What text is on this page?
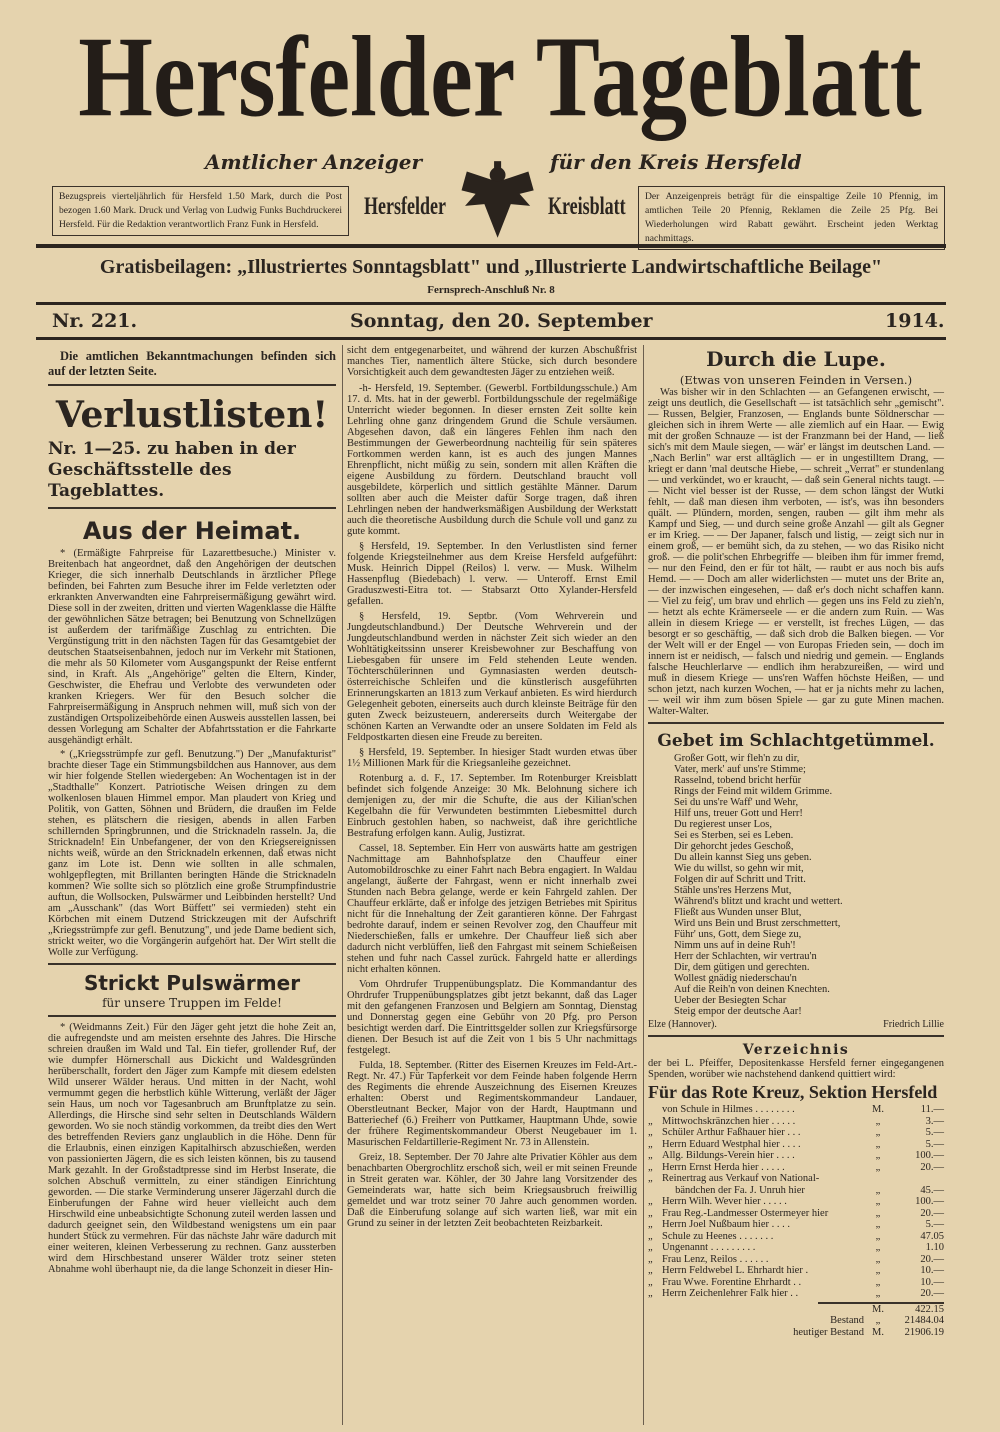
Hersfelder Tageblatt
Amtlicher Anzeiger	für den Kreis Hersfeld
Bezugspreis vierteljährlich für Hersfeld 1.50 Mark, durch die Post bezogen 1.60 Mark. Druck und Verlag von Ludwig Funks Buchdruckerei Hersfeld. Für die Redaktion verantwortlich Franz Funk in Hersfeld.
Der Anzeigenpreis beträgt für die einspaltige Zeile 10 Pfennig, im amtlichen Teile 20 Pfennig, Reklamen die Zeile 25 Pfg. Bei Wiederholungen wird Rabatt gewährt. Erscheint jeden Werktag nachmittags.
Hersfelder	Kreisblatt
Gratisbeilagen: „Illustriertes Sonntagsblatt" und „Illustrierte Landwirtschaftliche Beilage"
Fernsprech-Anschluß Nr. 8
Nr. 221.	Sonntag, den 20. September	1914.

Die amtlichen Bekanntmachungen befinden sich auf der letzten Seite.

Verlustlisten!
Nr. 1—25. zu haben in der Geschäftsstelle des Tageblattes.
Aus der Heimat.

* (Ermäßigte Fahrpreise für Lazarettbesuche.) Minister v. Breitenbach hat angeordnet, daß den Angehörigen der deutschen Krieger, die sich innerhalb Deutschlands in ärztlicher Pflege befinden, bei Fahrten zum Besuche ihrer im Felde verletzten oder erkrankten Anverwandten eine Fahrpreisermäßigung gewährt wird. Diese soll in der zweiten, dritten und vierten Wagenklasse die Hälfte der gewöhnlichen Sätze betragen; bei Benutzung von Schnellzügen ist außerdem der tarifmäßige Zuschlag zu entrichten. Die Vergünstigung tritt in den nächsten Tagen für das Gesamtgebiet der deutschen Staatseisenbahnen, jedoch nur im Verkehr mit Stationen, die mehr als 50 Kilometer vom Ausgangspunkt der Reise entfernt sind, in Kraft. Als „Angehörige" gelten die Eltern, Kinder, Geschwister, die Ehefrau und Verlobte des verwundeten oder kranken Kriegers. Wer für den Besuch solcher die Fahrpreisermäßigung in Anspruch nehmen will, muß sich von der zuständigen Ortspolizeibehörde einen Ausweis ausstellen lassen, bei dessen Vorlegung am Schalter der Abfahrtsstation er die Fahrkarte ausgehändigt erhält.

* („Kriegsstrümpfe zur gefl. Benutzung.") Der „Manufakturist" brachte dieser Tage ein Stimmungsbildchen aus Hannover, aus dem wir hier folgende Stellen wiedergeben: An Wochentagen ist in der „Stadthalle" Konzert. Patriotische Weisen dringen zu dem wolkenlosen blauen Himmel empor. Man plaudert von Krieg und Politik, von Gatten, Söhnen und Brüdern, die draußen im Felde stehen, es plätschern die riesigen, abends in allen Farben schillernden Springbrunnen, und die Stricknadeln rasseln. Ja, die Stricknadeln! Ein Unbefangener, der von den Kriegsereignissen nichts weiß, würde an den Stricknadeln erkennen, daß etwas nicht ganz im Lote ist. Denn wie sollten in alle schmalen, wohlgepflegten, mit Brillanten beringten Hände die Stricknadeln kommen? Wie sollte sich so plötzlich eine große Strumpfindustrie auftun, die Wollsocken, Pulswärmer und Leibbinden herstellt? Und am „Ausschank" (das Wort Büffett" sei vermieden) steht ein Körbchen mit einem Dutzend Strickzeugen mit der Aufschrift „Kriegsstrümpfe zur gefl. Benutzung", und jede Dame bedient sich, strickt weiter, wo die Vorgängerin aufgehört hat. Der Wirt stellt die Wolle zur Verfügung.

Strickt Pulswärmer
für unsere Truppen im Felde!

* (Weidmanns Zeit.) Für den Jäger geht jetzt die hohe Zeit an, die aufregendste und am meisten ersehnte des Jahres. Die Hirsche schreien draußen im Wald und Tal. Ein tiefer, grollender Ruf, der wie dumpfer Hörnerschall aus Dickicht und Waldesgründen herüberschallt, fordert den Jäger zum Kampfe mit diesem edelsten Wild unserer Wälder heraus. Und mitten in der Nacht, wohl vermummt gegen die herbstlich kühle Witterung, verläßt der Jäger sein Haus, um noch vor Tagesanbruch am Brunftplatze zu sein. Allerdings, die Hirsche sind sehr selten in Deutschlands Wäldern geworden. Wo sie noch ständig vorkommen, da treibt dies den Wert des betreffenden Reviers ganz unglaublich in die Höhe. Denn für die Erlaubnis, einen einzigen Kapitalhirsch abzuschießen, werden von passionierten Jägern, die es sich leisten können, bis zu tausend Mark gezahlt. In der Großstadtpresse sind im Herbst Inserate, die solchen Abschuß vermitteln, zu einer ständigen Einrichtung geworden. — Die starke Verminderung unserer Jägerzahl durch die Einberufungen der Fahne wird heuer vielleicht auch dem Hirschwild eine unbeabsichtigte Schonung zuteil werden lassen und dadurch geeignet sein, den Wildbestand wenigstens um ein paar hundert Stück zu vermehren. Für das nächste Jahr wäre dadurch mit einer weiteren, kleinen Verbesserung zu rechnen. Ganz aussterben wird dem Hirschbestand unserer Wälder trotz seiner steten Abnahme wohl überhaupt nie, da die lange Schonzeit in dieser Hin-

sicht dem entgegenarbeitet, und während der kurzen Abschußfrist manches Tier, namentlich ältere Stücke, sich durch besondere Vorsichtigkeit auch dem gewandtesten Jäger zu entziehen weiß.

-h- Hersfeld, 19. September. (Gewerbl. Fortbildungsschule.) Am 17. d. Mts. hat in der gewerbl. Fortbildungsschule der regelmäßige Unterricht wieder begonnen. In dieser ernsten Zeit sollte kein Lehrling ohne ganz dringendem Grund die Schule versäumen. Abgesehen davon, daß ein längeres Fehlen ihm nach den Bestimmungen der Gewerbeordnung nachteilig für sein späteres Fortkommen werden kann, ist es auch des jungen Mannes Ehrenpflicht, nicht müßig zu sein, sondern mit allen Kräften die eigene Ausbildung zu fördern. Deutschland braucht voll ausgebildete, körperlich und sittlich gestählte Männer. Darum sollten aber auch die Meister dafür Sorge tragen, daß ihren Lehrlingen neben der handwerksmäßigen Ausbildung der Werkstatt auch die theoretische Ausbildung durch die Schule voll und ganz zu gute kommt.

§ Hersfeld, 19. September. In den Verlustlisten sind ferner folgende Kriegsteilnehmer aus dem Kreise Hersfeld aufgeführt: Musk. Heinrich Dippel (Reilos) l. verw. — Musk. Wilhelm Hassenpflug (Biedebach) l. verw. — Unteroff. Ernst Emil Graduszwesti-Eitra tot. — Stabsarzt Otto Xylander-Hersfeld gefallen.

§ Hersfeld, 19. Septbr. (Vom Wehrverein und Jungdeutschlandbund.) Der Deutsche Wehrverein und der Jungdeutschlandbund werden in nächster Zeit sich wieder an den Wohltätigkeitssinn unserer Kreisbewohner zur Beschaffung von Liebesgaben für unsere im Feld stehenden Leute wenden. Töchterschülerinnen und Gymnasiasten werden deutsch-österreichische Schleifen und die künstlerisch ausgeführten Erinnerungskarten an 1813 zum Verkauf anbieten. Es wird hierdurch Gelegenheit geboten, einerseits auch durch kleinste Beiträge für den guten Zweck beizusteuern, andererseits durch Weitergabe der schönen Karten an Verwandte oder an unsere Soldaten im Feld als Feldpostkarten diesen eine Freude zu bereiten.

§ Hersfeld, 19. September. In hiesiger Stadt wurden etwas über 1½ Millionen Mark für die Kriegsanleihe gezeichnet.

Rotenburg a. d. F., 17. September. Im Rotenburger Kreisblatt befindet sich folgende Anzeige: 30 Mk. Belohnung sichere ich demjenigen zu, der mir die Schufte, die aus der Kilian'schen Kegelbahn die für Verwundeten bestimmten Liebesmittel durch Einbruch gestohlen haben, so nachweist, daß ihre gerichtliche Bestrafung erfolgen kann. Aulig, Justizrat.

Cassel, 18. September. Ein Herr von auswärts hatte am gestrigen Nachmittage am Bahnhofsplatze den Chauffeur einer Automobildroschke zu einer Fahrt nach Bebra engagiert. In Waldau angelangt, äußerte der Fahrgast, wenn er nicht innerhalb zwei Stunden nach Bebra gelange, werde er kein Fahrgeld zahlen. Der Chauffeur erklärte, daß er infolge des jetzigen Betriebes mit Spiritus nicht für die Innehaltung der Zeit garantieren könne. Der Fahrgast bedrohte darauf, indem er seinen Revolver zog, den Chauffeur mit Niederschießen, falls er umkehre. Der Chauffeur ließ sich aber dadurch nicht verblüffen, ließ den Fahrgast mit seinem Schießeisen stehen und fuhr nach Cassel zurück. Fahrgeld hatte er allerdings nicht erhalten können.

Vom Ohrdrufer Truppenübungsplatz. Die Kommandantur des Ohrdrufer Truppenübungsplatzes gibt jetzt bekannt, daß das Lager mit den gefangenen Franzosen und Belgiern am Sonntag, Dienstag und Donnerstag gegen eine Gebühr von 20 Pfg. pro Person besichtigt werden darf. Die Eintrittsgelder sollen zur Kriegsfürsorge dienen. Der Besuch ist auf die Zeit von 1 bis 5 Uhr nachmittags festgelegt.

Fulda, 18. September. (Ritter des Eisernen Kreuzes im Feld-Art.-Regt. Nr. 47.) Für Tapferkeit vor dem Feinde haben folgende Herrn des Regiments die ehrende Auszeichnung des Eisernen Kreuzes erhalten: Oberst und Regimentskommandeur Landauer, Oberstleutnant Becker, Major von der Hardt, Hauptmann und Batteriechef (6.) Freiherr von Puttkamer, Hauptmann Uhde, sowie der frühere Regimentskommandeur Oberst Neugebauer im 1. Masurischen Feldartillerie-Regiment Nr. 73 in Allenstein.

Greiz, 18. September. Der 70 Jahre alte Privatier Köhler aus dem benachbarten Obergrochlitz erschoß sich, weil er mit seinen Freunde in Streit geraten war. Köhler, der 30 Jahre lang Vorsitzender des Gemeinderats war, hatte sich beim Kriegsausbruch freiwillig gemeldet und war trotz seiner 70 Jahre auch genommen worden. Daß die Einberufung solange auf sich warten ließ, war mit ein Grund zu seiner in der letzten Zeit beobachteten Reizbarkeit.

Durch die Lupe.
(Etwas von unseren Feinden in Versen.)

Was bisher wir in den Schlachten — an Gefangenen erwischt, — zeigt uns deutlich, die Gesellschaft — ist tatsächlich sehr „gemischt". — Russen, Belgier, Franzosen, — Englands bunte Söldnerschar — gleichen sich in ihrem Werte — alle ziemlich auf ein Haar. — Ewig mit der großen Schnauze — ist der Franzmann bei der Hand, — ließ sich's mit dem Maule siegen, — wär' er längst im deutschen Land. — „Nach Berlin" war erst alltäglich — er in ungestilltem Drang, — kriegt er dann 'mal deutsche Hiebe, — schreit „Verrat" er stundenlang — und verkündet, wo er kraucht, — daß sein General nichts taugt. — — Nicht viel besser ist der Russe, — dem schon längst der Wutki fehlt, — daß man diesen ihm verboten, — ist's, was ihn besonders quält. — Plündern, morden, sengen, rauben — gilt ihm mehr als Kampf und Sieg, — und durch seine große Anzahl — gilt als Gegner er im Krieg. — — Der Japaner, falsch und listig, — zeigt sich nur in einem groß, — er bemüht sich, da zu stehen, — wo das Risiko nicht groß. — die polit'schen Ehrbegriffe — bleiben ihm für immer fremd, — nur den Feind, den er für tot hält, — raubt er aus noch bis aufs Hemd. — — Doch am aller widerlichsten — mutet uns der Brite an, — der inzwischen eingesehen, — daß er's doch nicht schaffen kann. — Viel zu feig', um brav und ehrlich — gegen uns ins Feld zu zieh'n, — hetzt als echte Krämerseele — er die andern zum Ruin. — Was allein in diesem Kriege — er verstellt, ist freches Lügen, — das besorgt er so geschäftig, — daß sich drob die Balken biegen. — Vor der Welt will er der Engel — von Europas Frieden sein, — doch im innern ist er neidisch, — falsch und niedrig und gemein. — Englands falsche Heuchlerlarve — endlich ihm herabzureißen, — wird und muß in diesem Kriege — uns'ren Waffen höchste Heißen, — und schon jetzt, nach kurzen Wochen, — hat er ja nichts mehr zu lachen, — weil wir ihm zum bösen Spiele — gar zu gute Minen machen. Walter-Walter.

Gebet im Schlachtgetümmel.
Großer Gott, wir fleh'n zu dir,
Vater, merk' auf uns're Stimme;
Rasselnd, tobend bricht herfür
Rings der Feind mit wildem Grimme.
Sei du uns're Waff' und Wehr,
Hilf uns, treuer Gott und Herr!
Du regierest unser Los,
Sei es Sterben, sei es Leben.
Dir gehorcht jedes Geschoß,
Du allein kannst Sieg uns geben.
Wie du willst, so gehn wir mit,
Folgen dir auf Schritt und Tritt.
Stähle uns'res Herzens Mut,
Während's blitzt und kracht und wettert.
Fließt aus Wunden unser Blut,
Wird uns Bein und Brust zerschmettert,
Führ' uns, Gott, dem Siege zu,
Nimm uns auf in deine Ruh'!
Herr der Schlachten, wir vertrau'n
Dir, dem gütigen und gerechten.
Wollest gnädig niederschau'n
Auf die Reih'n von deinen Knechten.
Ueber der Besiegten Schar
Steig empor der deutsche Aar!
Elze (Hannover).	Friedrich Lillie
Verzeichnis

der bei L. Pfeiffer, Depositenkasse Hersfeld ferner eingegangenen Spenden, worüber wie nachstehend dankend quittiert wird:

Für das Rote Kreuz, Sektion Hersfeld
von Schule in Hilmes . . . . . . . .	M.	11.—
„ Mittwochskränzchen hier . . . . .	„	3.—
„ Schüler Arthur Faßhauer hier . . .	„	5.—
„ Herrn Eduard Westphal hier . . . .	„	5.—
„ Allg. Bildungs-Verein hier . . . .	„	100.—
„ Herrn Ernst Herda hier . . . . .	„	20.—
„ Reinertrag aus Verkauf von National-
bändchen der Fa. J. Unruh hier	„	45.—
„ Herrn Wilh. Wever hier . . . . .	„	100.—
„ Frau Reg.-Landmesser Ostermeyer hier	„	20.—
„ Herrn Joel Nußbaum hier . . . .	„	5.—
„ Schule zu Heenes . . . . . . .	„	47.05
„ Ungenannt . . . . . . . . .	„	1.10
„ Frau Lenz, Reilos . . . . . .	„	20.—
„ Herrn Feldwebel L. Ehrhardt hier .	„	10.—
„ Frau Wwe. Forentine Ehrhardt . .	„	10.—
„ Herrn Zeichenlehrer Falk hier . .	„	20.—
M.	422.15
Bestand	„	21484.04
heutiger Bestand M.	21906.19
